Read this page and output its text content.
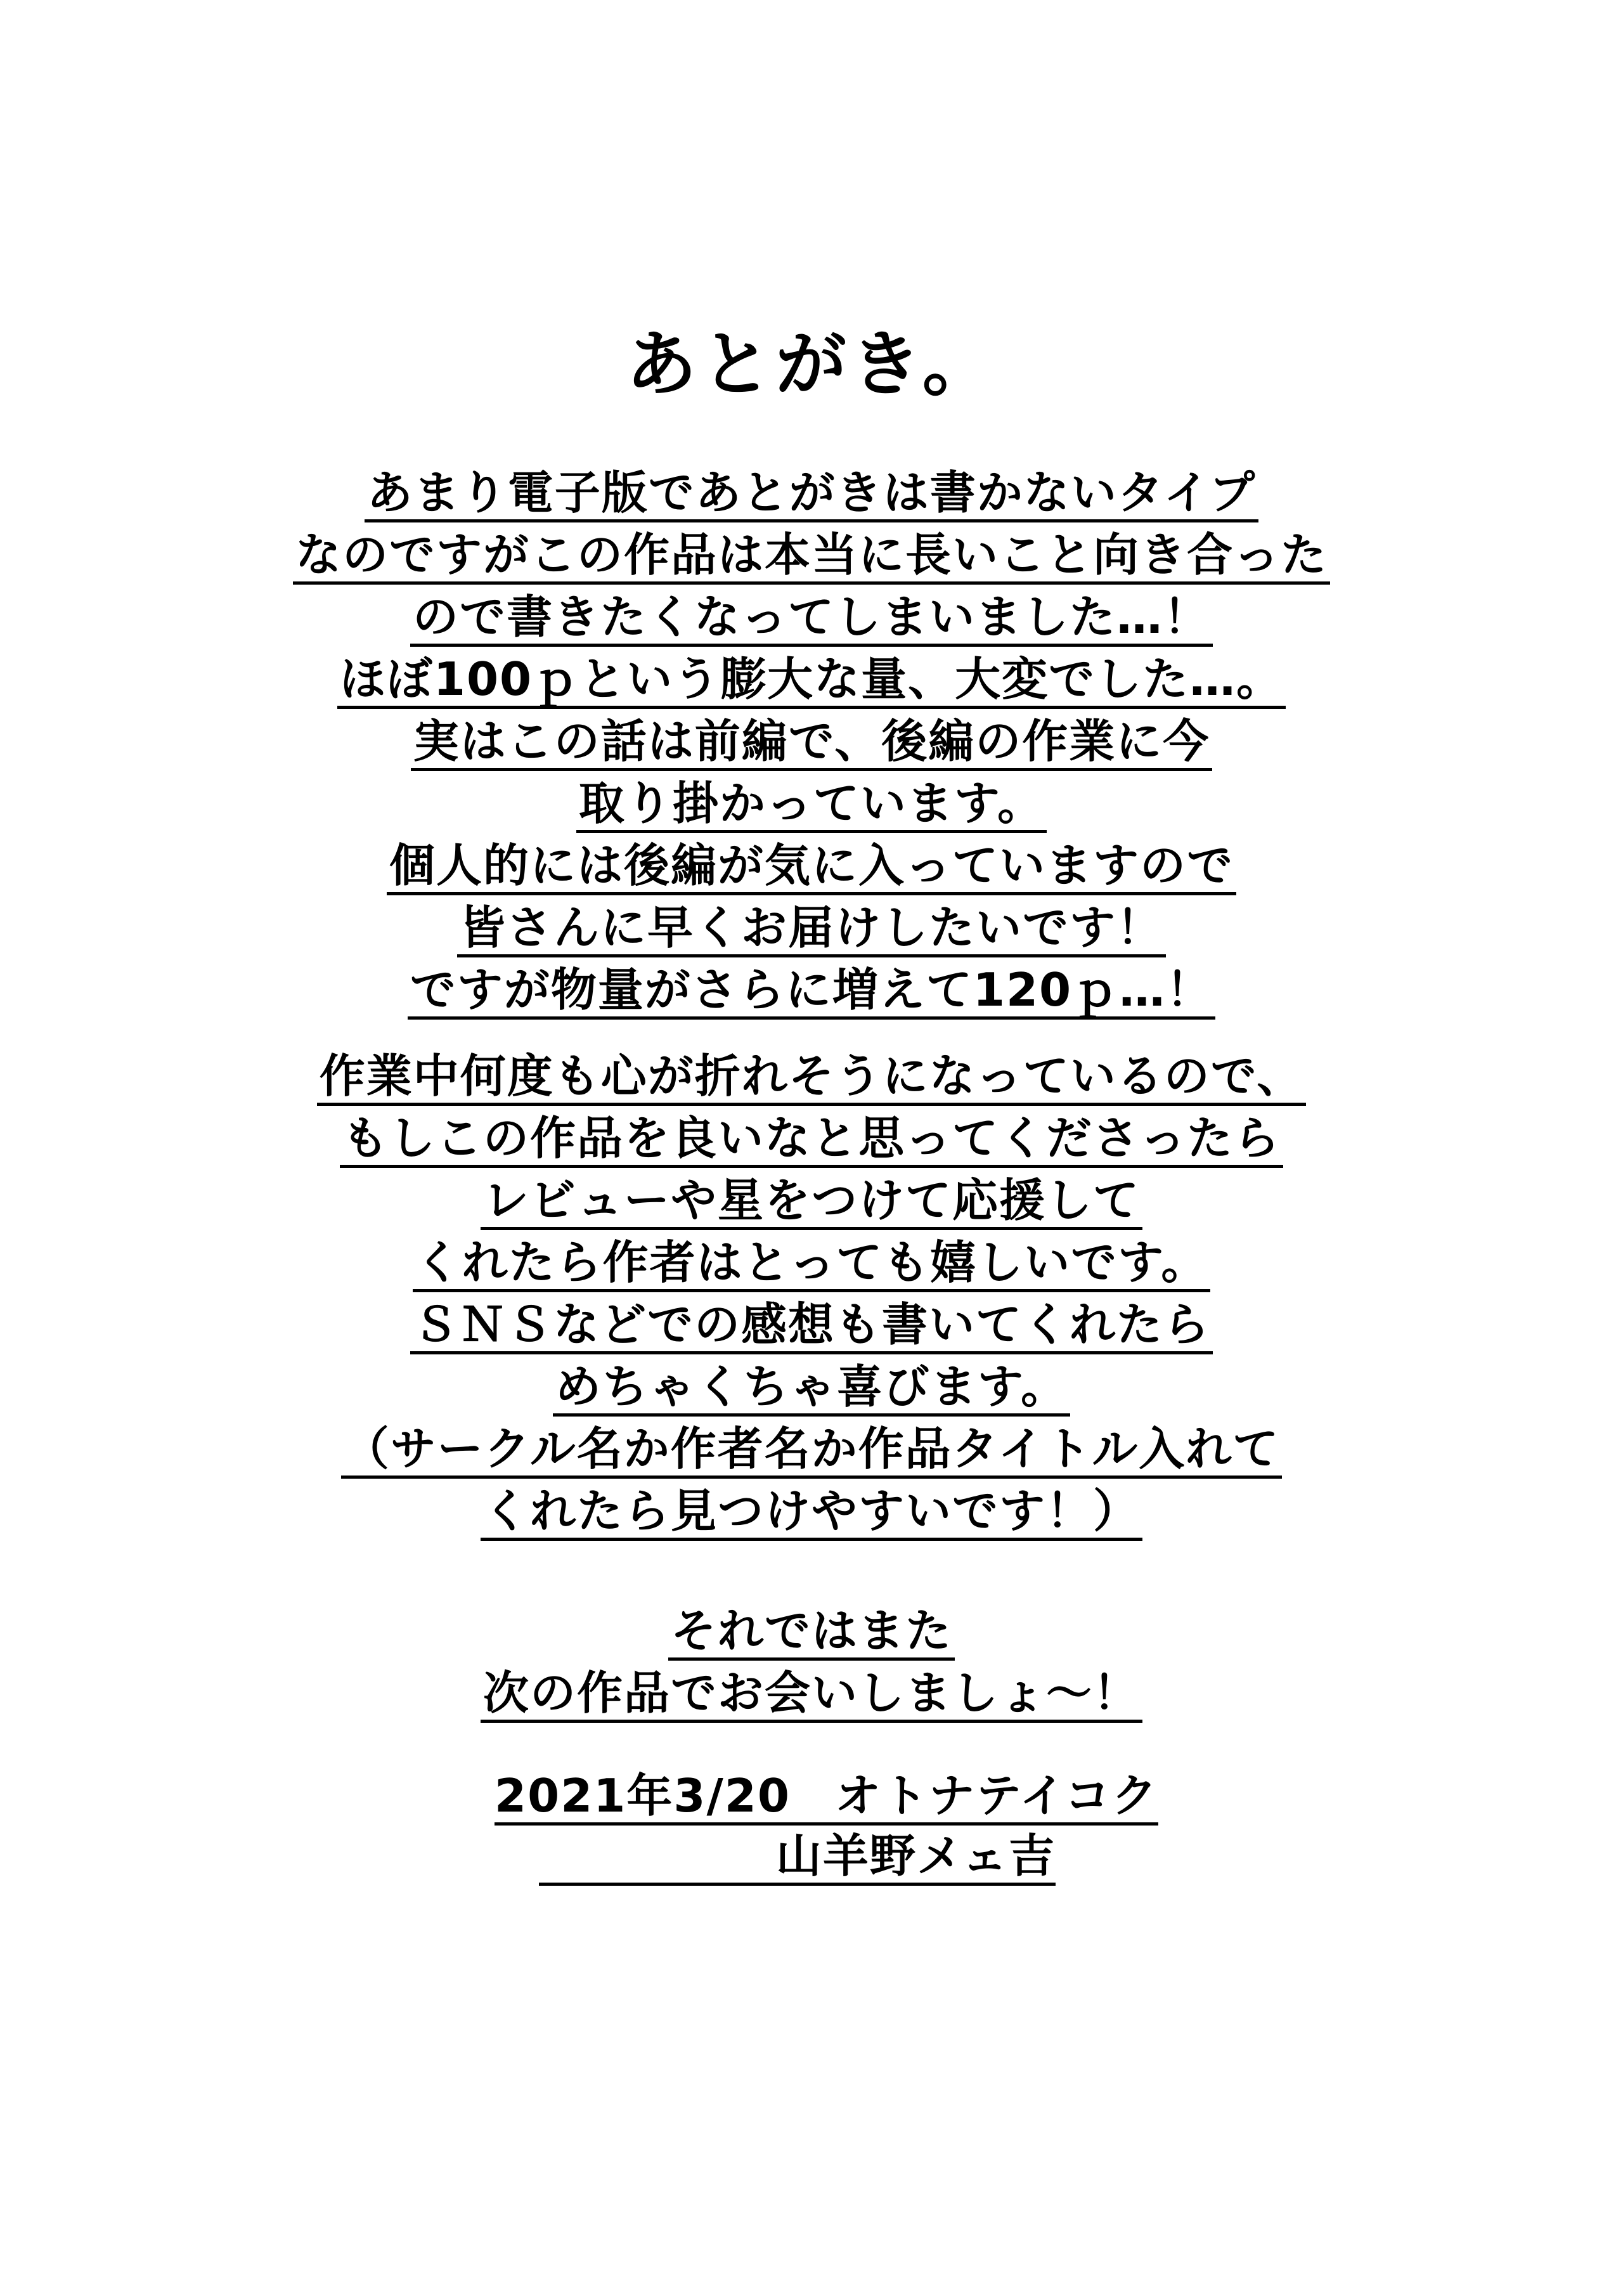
あとがき。
あまり電子版であとがきは書かないタイプ
なのですがこの作品は本当に長いこと向き合った
ので書きたくなってしまいました…！
ほぼ100ｐという膨大な量、大変でした…。
実はこの話は前編で、後編の作業に今
取り掛かっています。
個人的には後編が気に入っていますので
皆さんに早くお届けしたいです！
ですが物量がさらに増えて120ｐ…！
作業中何度も心が折れそうになっているので、
もしこの作品を良いなと思ってくださったら
レビューや星をつけて応援して
くれたら作者はとっても嬉しいです。
ＳＮＳなどでの感想も書いてくれたら
めちゃくちゃ喜びます。
（サークル名か作者名か作品タイトル入れて
くれたら見つけやすいです！）
それではまた
次の作品でお会いしましょ～！
2021年3/20 オトナテイコク
山羊野メェ吉
